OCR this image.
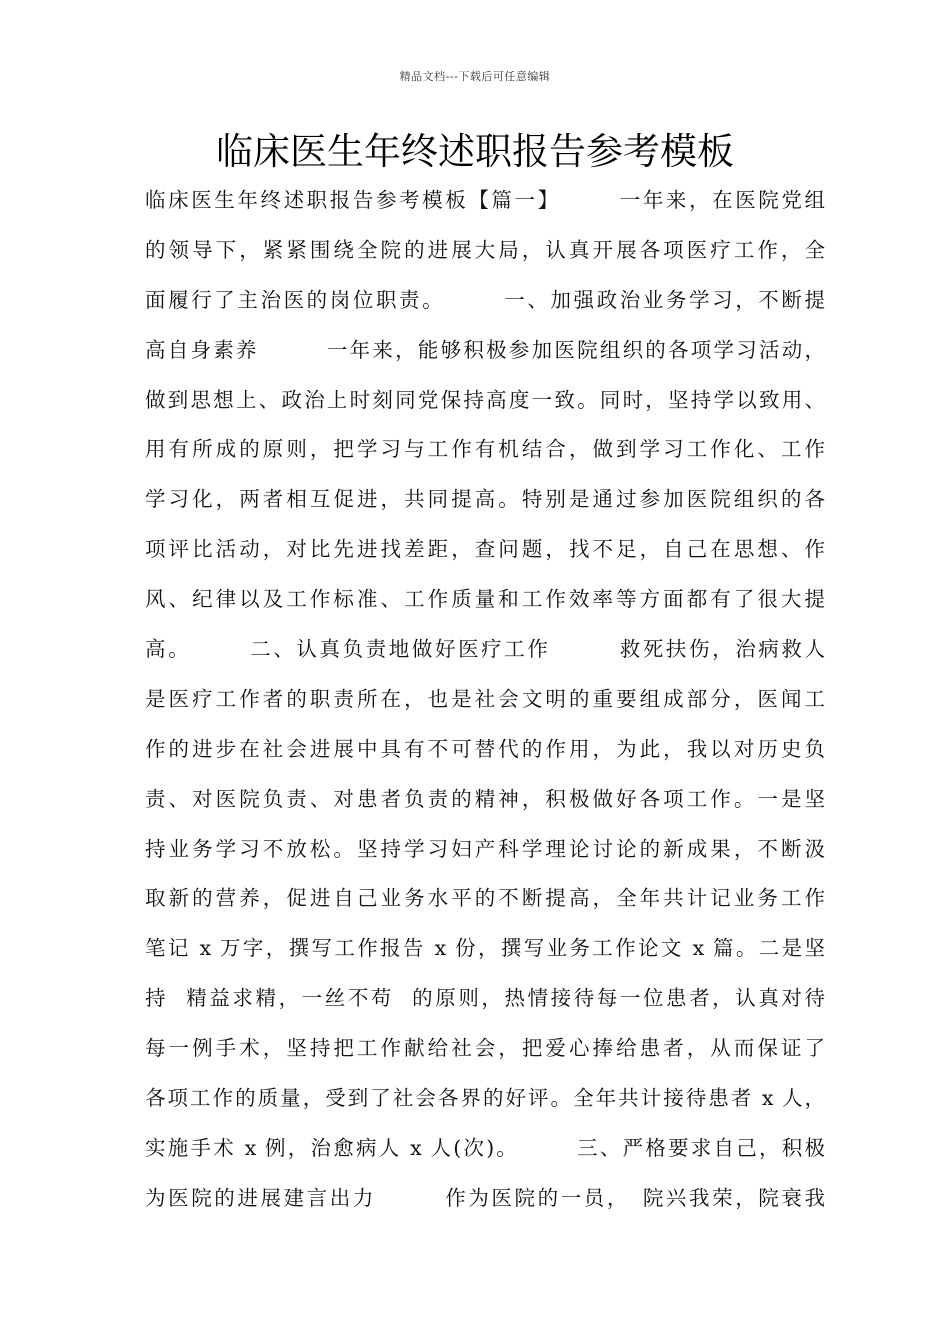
精品文档---下载后可任意编辑
临床医生年终述职报告参考模板
临床医生年终述职报告参考模板【篇一】　　　一年来，在医院党组
的领导下，紧紧围绕全院的进展大局，认真开展各项医疗工作，全
面履行了主治医的岗位职责。　　　一、加强政治业务学习，不断提
高自身素养　　　一年来，能够积极参加医院组织的各项学习活动，
做到思想上、政治上时刻同党保持高度一致。同时，坚持学以致用、
用有所成的原则，把学习与工作有机结合，做到学习工作化、工作
学习化，两者相互促进，共同提高。特别是通过参加医院组织的各
项评比活动，对比先进找差距，查问题，找不足，自己在思想、作
风、纪律以及工作标准、工作质量和工作效率等方面都有了很大提
高。　　　二、认真负责地做好医疗工作　　　救死扶伤，治病救人
是医疗工作者的职责所在，也是社会文明的重要组成部分，医闻工
作的进步在社会进展中具有不可替代的作用，为此，我以对历史负
责、对医院负责、对患者负责的精神，积极做好各项工作。一是坚
持业务学习不放松。坚持学习妇产科学理论讨论的新成果，不断汲
取新的营养，促进自己业务水平的不断提高，全年共计记业务工作
笔记 x 万字，撰写工作报告 x 份，撰写业务工作论文 x 篇。二是坚
持  精益求精，一丝不苟  的原则，热情接待每一位患者，认真对待
每一例手术，坚持把工作献给社会，把爱心捧给患者，从而保证了
各项工作的质量，受到了社会各界的好评。全年共计接待患者 x 人，
实施手术 x 例，治愈病人 x 人(次)。　　　三、严格要求自己，积极
为医院的进展建言出力　　　作为医院的一员，　院兴我荣，院衰我
